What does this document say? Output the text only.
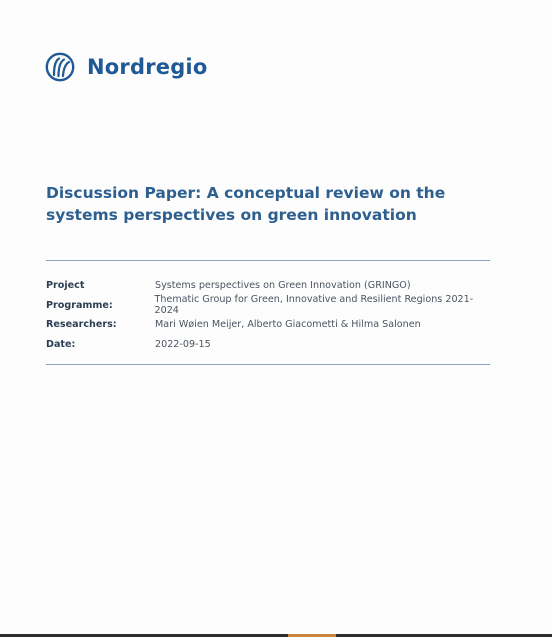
Nordregio
Discussion Paper: A conceptual review on the systems perspectives on green innovation
Project	Systems perspectives on Green Innovation (GRINGO)
Programme:	Thematic Group for Green, Innovative and Resilient Regions 2021-2024
Researchers:	Mari Wøien Meijer, Alberto Giacometti & Hilma Salonen
Date:	2022-09-15
